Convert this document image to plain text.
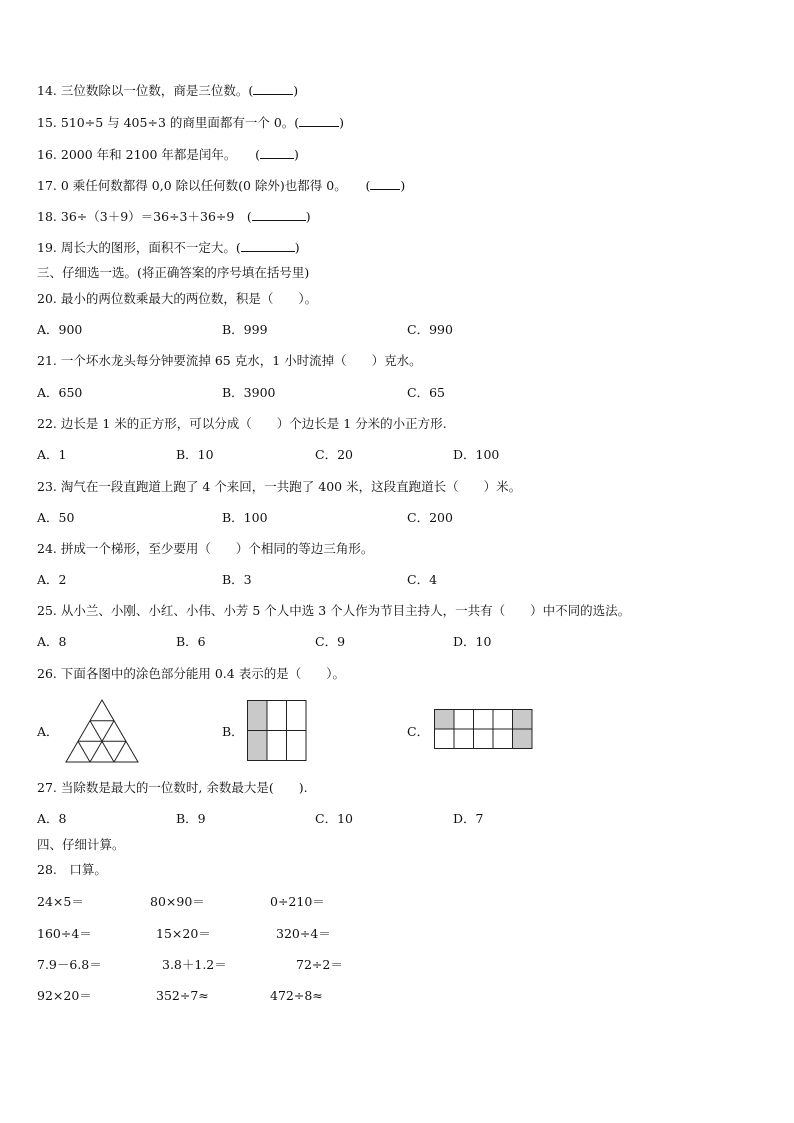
14. 三位数除以一位数，商是三位数。(	)
15. 510÷5 与 405÷3 的商里面都有一个 0。(	)
16. 2000 年和 2100 年都是闰年。　　(	)
17. 0 乘任何数都得 0,0 除以任何数(0 除外)也都得 0。　　( )
18. 36÷（3＋9）＝36÷3＋36÷9　(	)
19. 周长大的图形，面积不一定大。(	)
三、仔细选一选。(将正确答案的序号填在括号里)
20. 最小的两位数乘最大的两位数，积是（　　）。
A．900	B．999	C．990
21. 一个坏水龙头每分钟要流掉 65 克水，1 小时流掉（　　）克水。
A．650	B．3900	C．65
22. 边长是 1 米的正方形，可以分成（　　）个边长是 1 分米的小正方形.
A．1	B．10	C．20	D．100
23. 淘气在一段直跑道上跑了 4 个来回，一共跑了 400 米，这段直跑道长（　　）米。
A．50	B．100	C．200
24. 拼成一个梯形，至少要用（　　）个相同的等边三角形。
A．2	B．3	C．4
25. 从小兰、小刚、小红、小伟、小芳 5 个人中选 3 个人作为节目主持人，一共有（　　）中不同的选法。
A．8	B．6	C．9	D．10
26. 下面各图中的涂色部分能用 0.4 表示的是（　　）。
A．	B．	C．
27. 当除数是最大的一位数时, 余数最大是(　　).
A．8	B．9	C．10	D．7
四、仔细计算。
28.　口算。
24×5＝	80×90＝	0÷210＝
160÷4＝	15×20＝	320÷4＝
7.9－6.8＝	3.8＋1.2＝	72÷2＝
92×20＝	352÷7≈	472÷8≈
